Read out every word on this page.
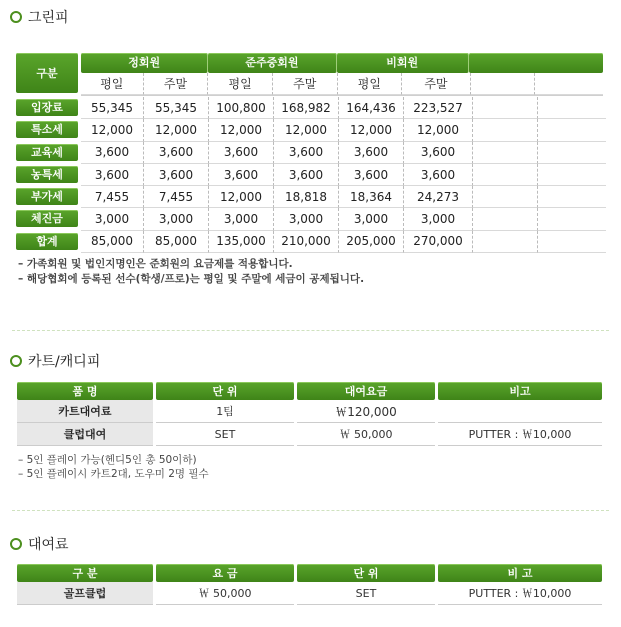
그린피
구분
정회원	준주중회원	비회원
평일	주말	평일	주말	평일	주말
입장료	55,345	55,345	100,800	168,982	164,436	223,527
특소세	12,000	12,000	12,000	12,000	12,000	12,000
교육세	3,600	3,600	3,600	3,600	3,600	3,600
농특세	3,600	3,600	3,600	3,600	3,600	3,600
부가세	7,455	7,455	12,000	18,818	18,364	24,273
체진금	3,000	3,000	3,000	3,000	3,000	3,000
합계	85,000	85,000	135,000	210,000	205,000	270,000
– 가족회원 및 법인지명인은 준회원의 요금제를 적용합니다.
– 해당협회에 등록된 선수(학생/프로)는 평일 및 주말에 세금이 공제됩니다.
카트/캐디피
품 명	단 위	대여요금	비고
카트대여료	1팀	￦120,000
클럽대여	SET	￦ 50,000	PUTTER : ￦10,000
– 5인 플레이 가능(헨디5인 총 50이하)
– 5인 플레이시 카트2대, 도우미 2명 필수
대여료
구 분	요 금	단 위	비 고
골프클럽	￦ 50,000	SET	PUTTER : ￦10,000
